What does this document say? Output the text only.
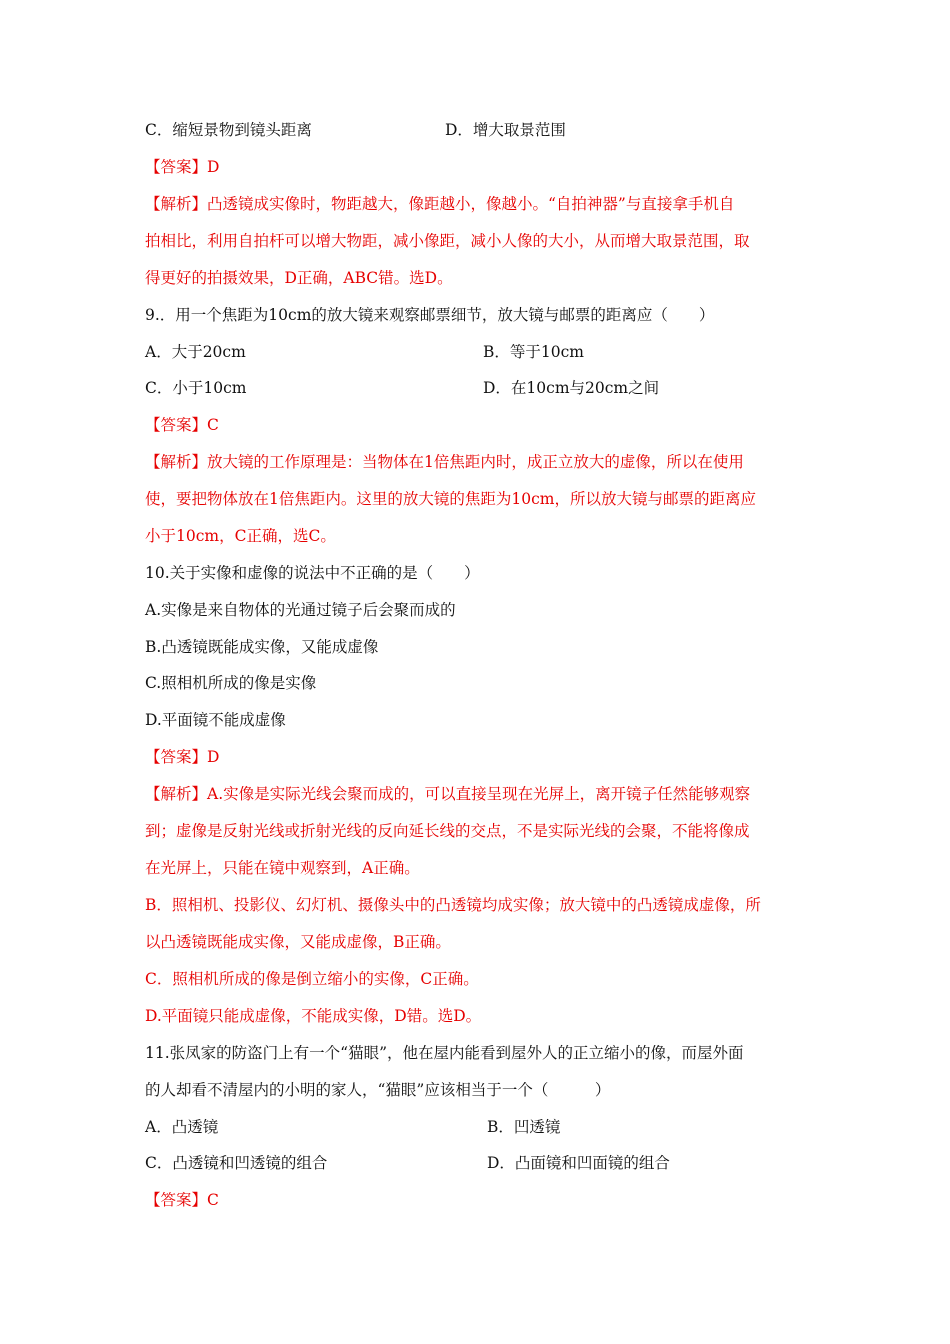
C．缩短景物到镜头距离	D．增大取景范围
【答案】D
【解析】凸透镜成实像时，物距越大，像距越小，像越小。“自拍神器”与直接拿手机自
拍相比，利用自拍杆可以增大物距，减小像距，减小人像的大小，从而增大取景范围，取
得更好的拍摄效果，D正确，ABC错。选D。
9.．用一个焦距为10cm的放大镜来观察邮票细节，放大镜与邮票的距离应（　　）
A．大于20cm	B．等于10cm
C．小于10cm	D．在10cm与20cm之间
【答案】C
【解析】放大镜的工作原理是：当物体在1倍焦距内时，成正立放大的虚像，所以在使用
使，要把物体放在1倍焦距内。这里的放大镜的焦距为10cm，所以放大镜与邮票的距离应
小于10cm，C正确，选C。
10.关于实像和虚像的说法中不正确的是（　　）
A.实像是来自物体的光通过镜子后会聚而成的
B.凸透镜既能成实像，又能成虚像
C.照相机所成的像是实像
D.平面镜不能成虚像
【答案】D
【解析】A.实像是实际光线会聚而成的，可以直接呈现在光屏上，离开镜子任然能够观察
到；虚像是反射光线或折射光线的反向延长线的交点，不是实际光线的会聚，不能将像成
在光屏上，只能在镜中观察到，A正确。
B．照相机、投影仪、幻灯机、摄像头中的凸透镜均成实像；放大镜中的凸透镜成虚像，所
以凸透镜既能成实像，又能成虚像，B正确。
C．照相机所成的像是倒立缩小的实像，C正确。
D.平面镜只能成虚像，不能成实像，D错。选D。
11.张凤家的防盗门上有一个“猫眼”，他在屋内能看到屋外人的正立缩小的像，而屋外面
的人却看不清屋内的小明的家人，“猫眼”应该相当于一个（　　　）
A．凸透镜	B．凹透镜
C．凸透镜和凹透镜的组合	D．凸面镜和凹面镜的组合
【答案】C
